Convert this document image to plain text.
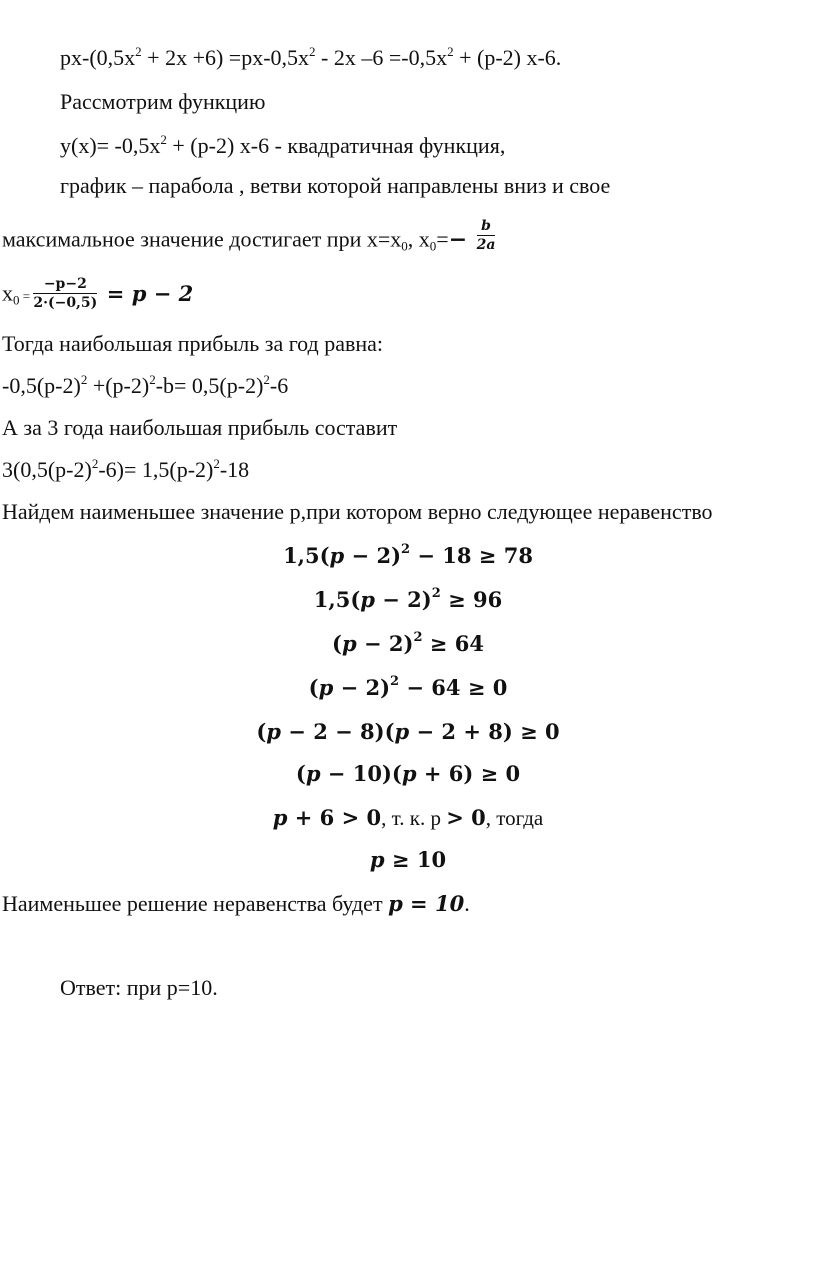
$px-(0,5x^2 + 2x +6) =px-0,5x^2 - 2x$ $-6 =-0,5x^2 + (p-2)$ x-6.
Рассмотрим функцию
$y(x)= -0,5x^2 + (p-2)$ x-6 - квадратичная функция,
график – парабола , ветви которой направлены вниз и свое
максимальное значение достигает при $x=x_0$, $x_0=- \frac{b}{2a}$
$x_0 = \frac{-p-2}{2\cdot(-0,5)} = p - 2$
Тогда наибольшая прибыль за год равна:
$-0,5(p-2)^2 +(p-2)^2-b= 0,5(p-2)^2-6$
А за 3 года наибольшая прибыль составит
$3(0,5(p-2)^2-6)= 1,5(p-2)^2-18$
Найдем наименьшее значение p,при котором верно следующее неравенство
$1,5(p - 2)^2 - 18 \ge 78$
$1,5(p - 2)^2 \ge 96$
$(p - 2)^2 \ge 64$
$(p - 2)^2 - 64 \ge 0$
(p − 2 − 8)(p − 2 + 8) ≥ 0
(p − 10)(p + 6) ≥ 0
p + 6 > 0, т. к. p > 0, тогда
p ≥ 10
Наименьшее решение неравенства будет p = 10.
Ответ: при p=10.
